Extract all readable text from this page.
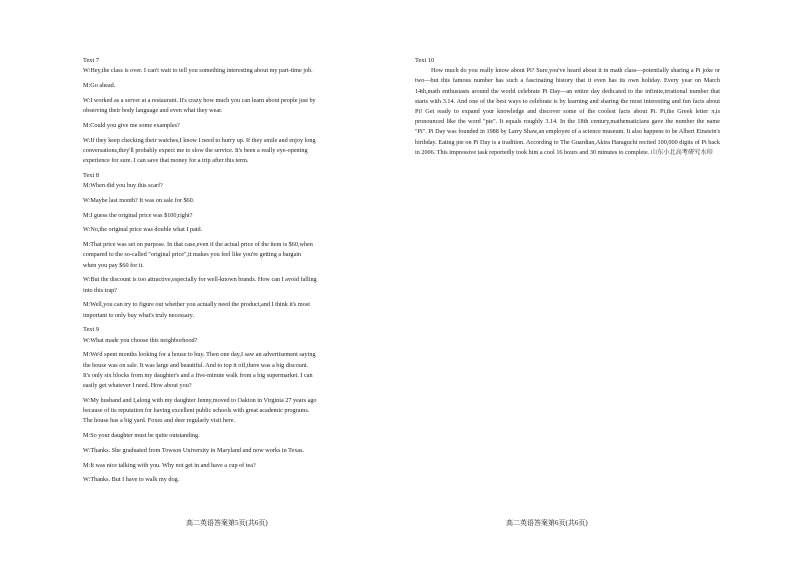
Text 7
W:Hey,the class is over. I can't wait to tell you something interesting about my part-time job.
M:Go ahead.
W:I worked as a server at a restaurant. It's crazy how much you can learn about people just by
observing their body language and even what they wear.
M:Could you give me some examples?
W:If they keep checking their watches,I know I need to hurry up. If they smile and enjoy long
conversations,they'll probably expect me to slow the service. It's been a really eye-opening
experience for sure. I can save that money for a trip after this term.
Text 8
M:When did you buy this scarf?
W:Maybe last month? It was on sale for $60.
M:I guess the original price was $100,right?
W:No,the original price was double what I paid.
M:That price was set on purpose. In that case,even if the actual price of the item is $60,when
compared to the so-called "original price",it makes you feel like you're getting a bargain
when you pay $60 for it.
W:But the discount is too attractive,especially for well-known brands. How can I avoid falling
into this trap?
M:Well,you can try to figure out whether you actually need the product,and I think it's most
important to only buy what's truly necessary.
Text 9
W:What made you choose this neighborhood?
M:We'd spent months looking for a house to buy. Then one day,I saw an advertisement saying
the house was on sale. It was large and beautiful. And to top it off,there was a big discount.
It's only six blocks from my daughter's and a five-minute walk from a big supermarket. I can
easily get whatever I need. How about you?
W:My husband and I,along with my daughter Jenny,moved to Oakton in Virginia 27 years ago
because of its reputation for having excellent public schools with great academic programs.
The house has a big yard. Foxes and deer regularly visit here.
M:So your daughter must be quite outstanding.
W:Thanks. She graduated from Towson University in Maryland and now works in Texas.
M:It was nice talking with you. Why not get in and have a cup of tea?
W:Thanks. But I have to walk my dog.
Text 10
How much do you really know about Pi? Sure,you've heard about it in math class—potentially sharing a Pi joke or two—but this famous number has such a fascinating history that it even has its own holiday. Every year on March 14th,math enthusiasts around the world celebrate Pi Day—an entire day dedicated to the infinite,irrational number that starts with 3.14. And one of the best ways to celebrate is by learning and sharing the most interesting and fun facts about Pi! Get ready to expand your knowledge and discover some of the coolest facts about Pi. Pi,the Greek letter π,is pronounced like the word "pie". It equals roughly 3.14. In the 18th century,mathematicians gave the number the name "Pi". Pi Day was founded in 1988 by Larry Shaw,an employee of a science museum. It also happens to be Albert Einstein's birthday. Eating pie on Pi Day is a tradition. According to The Guardian,Akira Haraguchi recited 100,000 digits of Pi back in 2006. This impressive task reportedly took him a cool 16 hours and 30 minutes to complete. 山东小北高考研究水印
高二英语答案第5页(共6页)	高二英语答案第6页(共6页)
